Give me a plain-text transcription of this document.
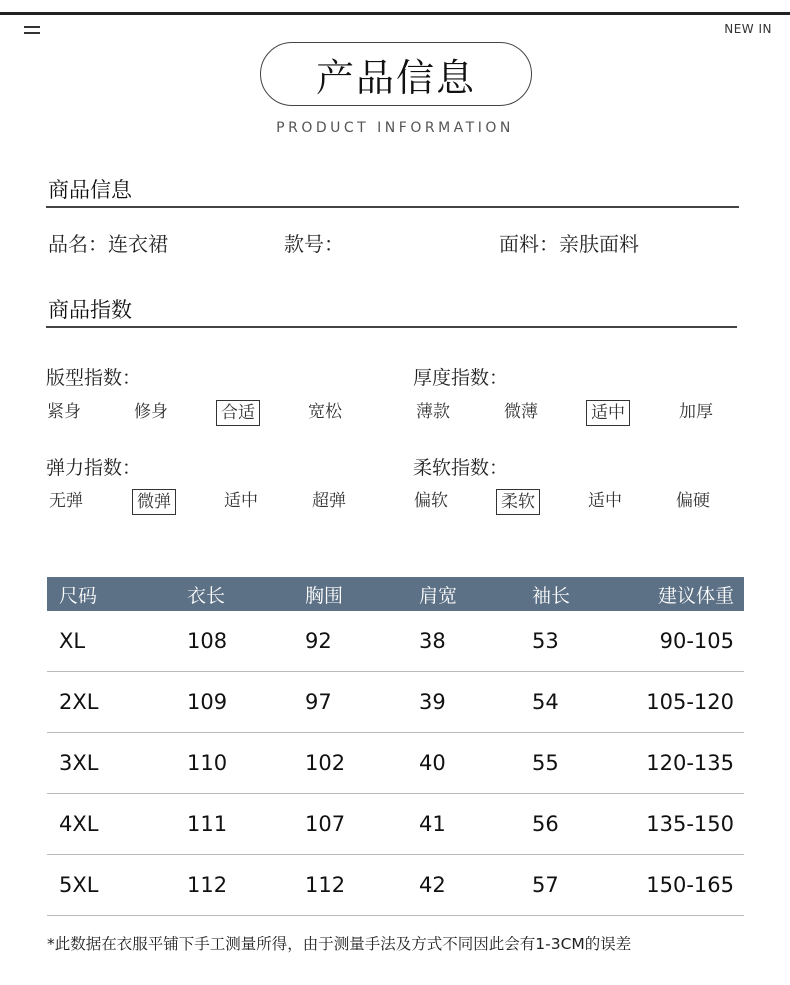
NEW IN
产品信息
PRODUCT INFORMATION
商品信息
品名：连衣裙	款号：	面料：亲肤面料
商品指数
版型指数：
紧身	修身	合适	宽松
厚度指数：
薄款	微薄	适中	加厚
弹力指数：
无弹	微弹	适中	超弹
柔软指数：
偏软	柔软	适中	偏硬
尺码	衣长	胸围	肩宽	袖长	建议体重
XL	108	92	38	53	90-105
2XL	109	97	39	54	105-120
3XL	110	102	40	55	120-135
4XL	111	107	41	56	135-150
5XL	112	112	42	57	150-165
*此数据在衣服平铺下手工测量所得，由于测量手法及方式不同因此会有1-3CM的误差
